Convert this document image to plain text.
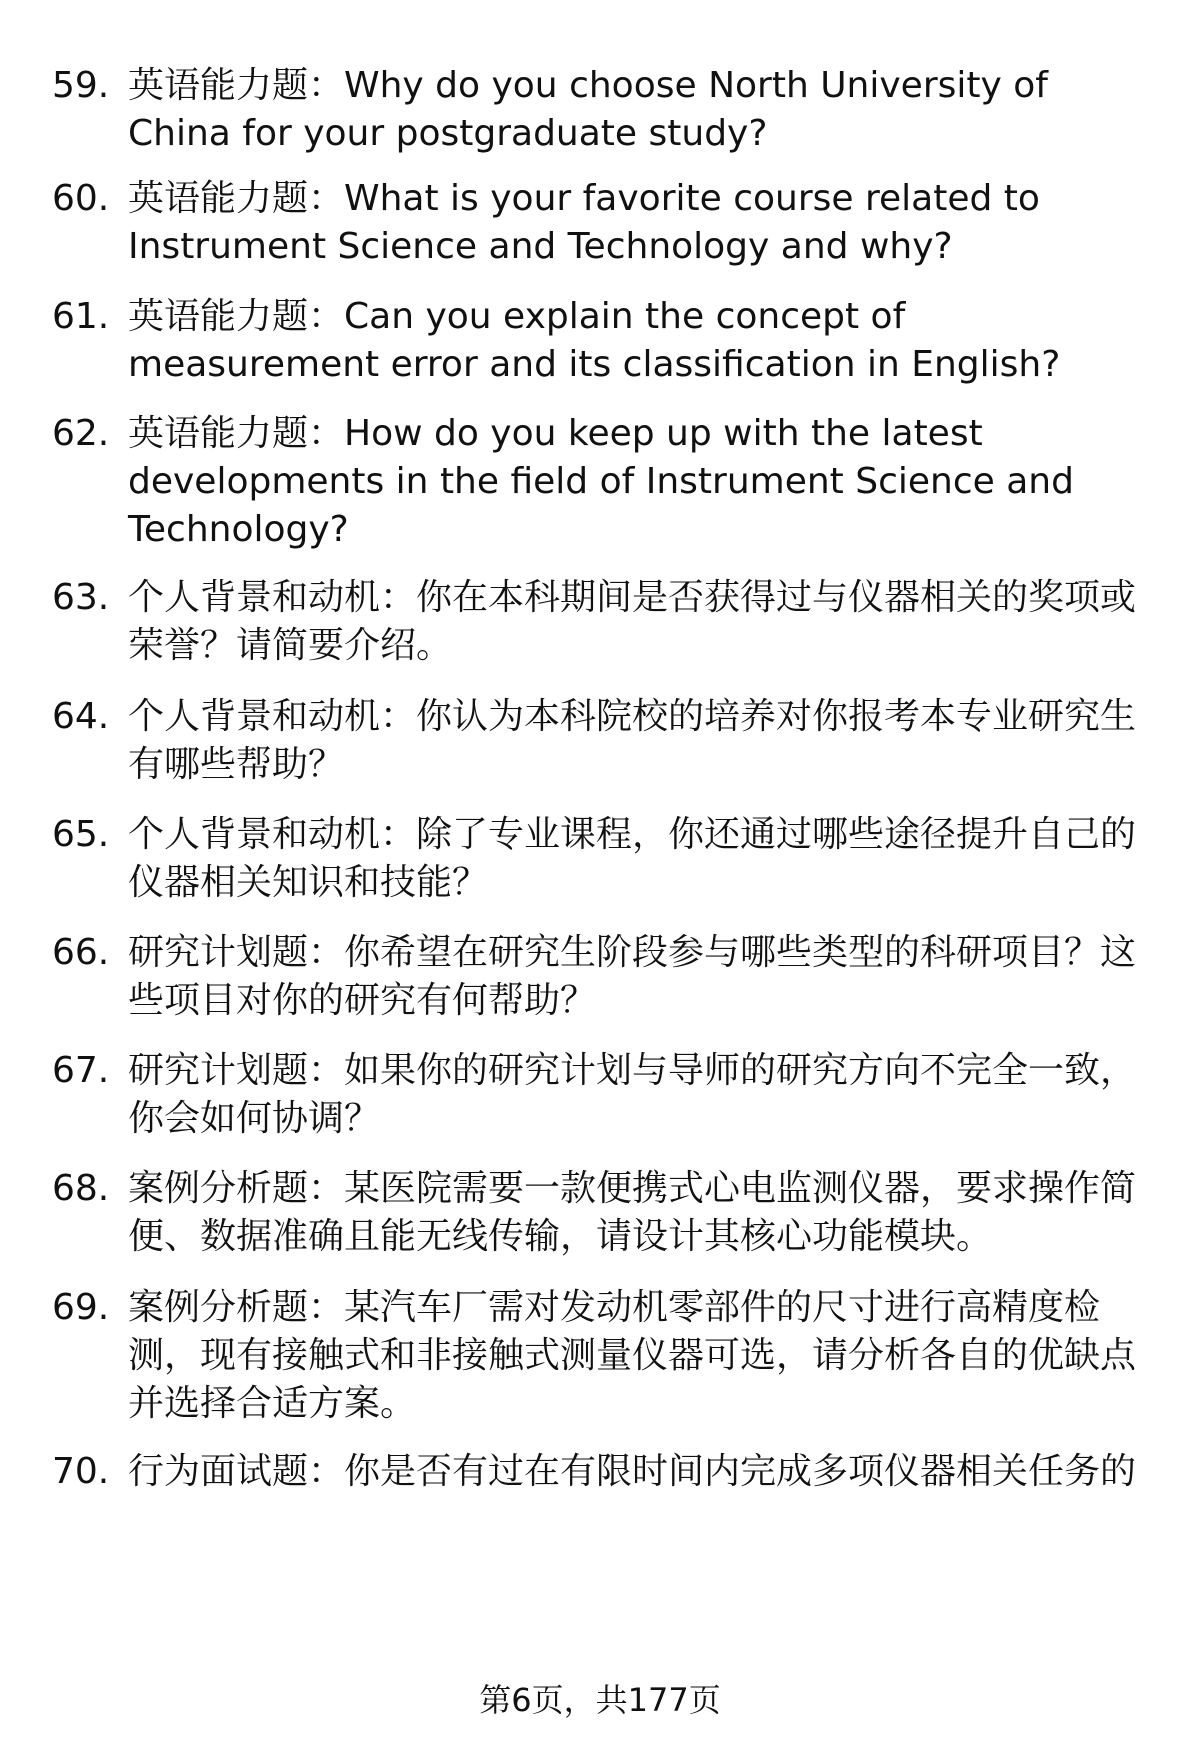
59. 英语能力题：Why do you choose North University of China for your postgraduate study?
60. 英语能力题：What is your favorite course related to Instrument Science and Technology and why?
61. 英语能力题：Can you explain the concept of measurement error and its classification in English?
62. 英语能力题：How do you keep up with the latest developments in the field of Instrument Science and Technology?
63. 个人背景和动机：你在本科期间是否获得过与仪器相关的奖项或荣誉？请简要介绍。
64. 个人背景和动机：你认为本科院校的培养对你报考本专业研究生有哪些帮助？
65. 个人背景和动机：除了专业课程，你还通过哪些途径提升自己的仪器相关知识和技能？
66. 研究计划题：你希望在研究生阶段参与哪些类型的科研项目？这些项目对你的研究有何帮助？
67. 研究计划题：如果你的研究计划与导师的研究方向不完全一致，你会如何协调？
68. 案例分析题：某医院需要一款便携式心电监测仪器，要求操作简便、数据准确且能无线传输，请设计其核心功能模块。
69. 案例分析题：某汽车厂需对发动机零部件的尺寸进行高精度检测，现有接触式和非接触式测量仪器可选，请分析各自的优缺点并选择合适方案。
70. 行为面试题：你是否有过在有限时间内完成多项仪器相关任务的
第6页，共177页
